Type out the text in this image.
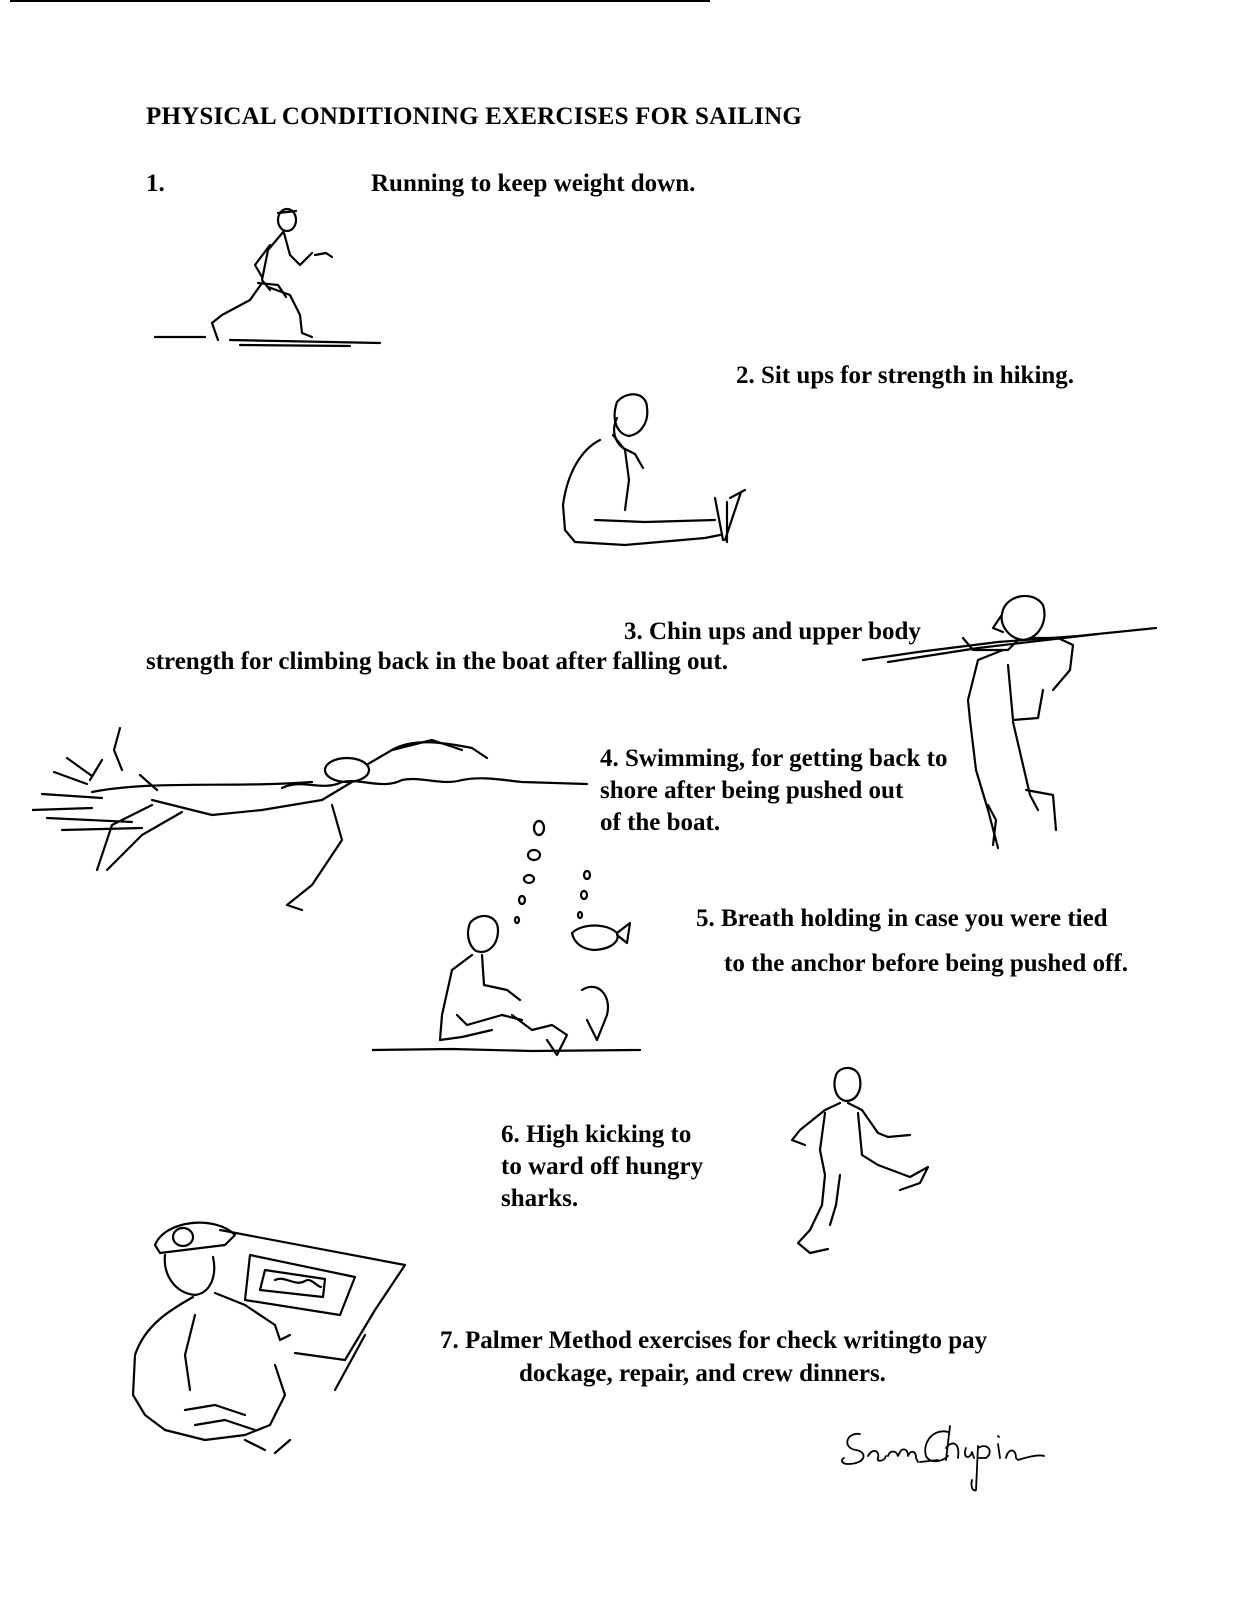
PHYSICAL CONDITIONING EXERCISES FOR SAILING
1.	Running to keep weight down.
2. Sit ups for strength in hiking.
3. Chin ups and upper body
strength for climbing back in the boat after falling out.
4. Swimming, for getting back to
shore after being pushed out
of the boat.
5. Breath holding in case you were tied
to the anchor before being pushed off.
6. High kicking to
to ward off hungry
sharks.
7. Palmer Method exercises for check writingto pay
dockage, repair, and crew dinners.
